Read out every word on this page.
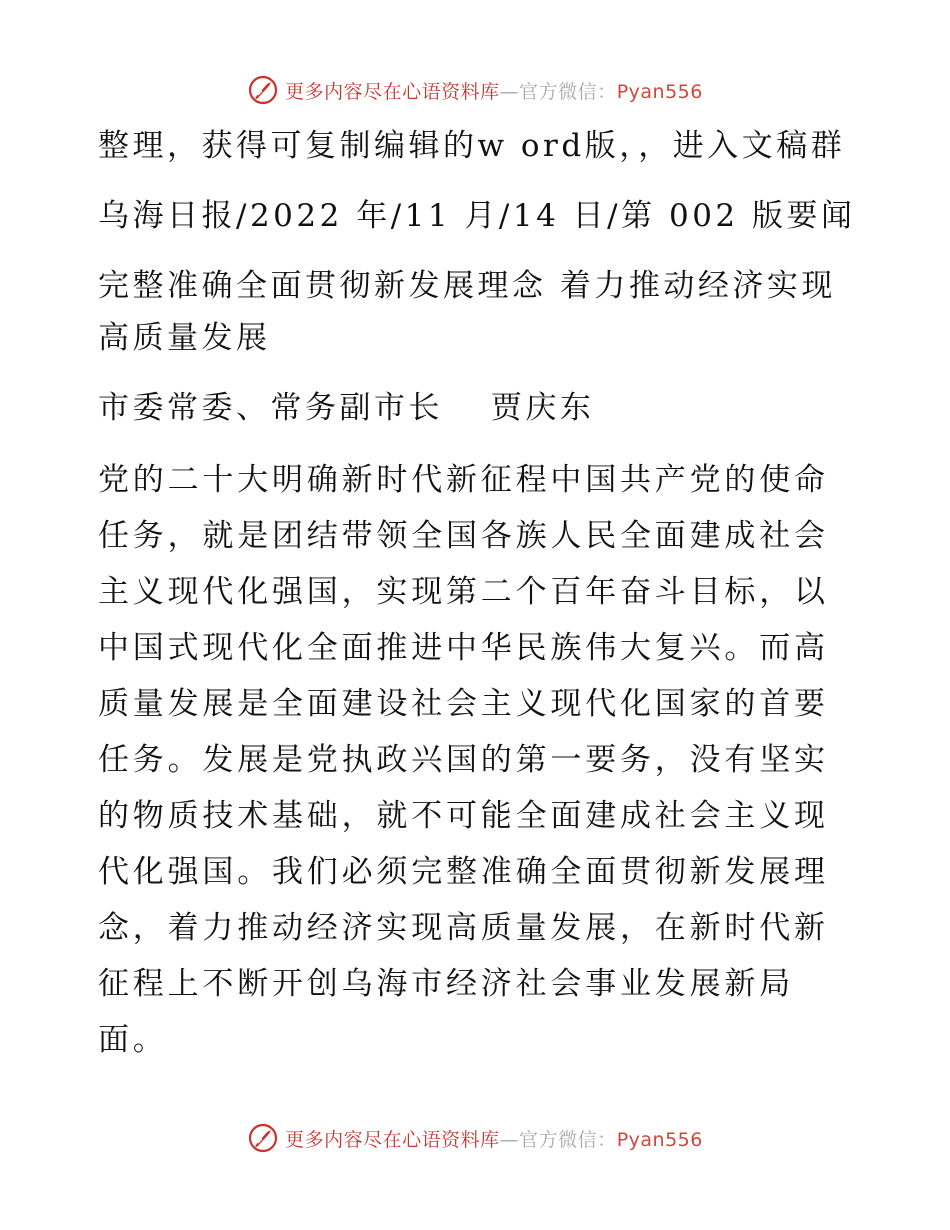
更多内容尽在心语资料库—官方微信：Pyan556

整理，获得可复制编辑的w ord版，，进入文稿群

乌海日报/2022 年/11 月/14 日/第 002 版要闻

完整准确全面贯彻新发展理念 着力推动经济实现高质量发展

市委常委、常务副市长　 贾庆东

党的二十大明确新时代新征程中国共产党的使命任务，就是团结带领全国各族人民全面建成社会主义现代化强国，实现第二个百年奋斗目标，以中国式现代化全面推进中华民族伟大复兴。而高质量发展是全面建设社会主义现代化国家的首要任务。发展是党执政兴国的第一要务，没有坚实的物质技术基础，就不可能全面建成社会主义现代化强国。我们必须完整准确全面贯彻新发展理念，着力推动经济实现高质量发展，在新时代新征程上不断开创乌海市经济社会事业发展新局面。

更多内容尽在心语资料库—官方微信：Pyan556
